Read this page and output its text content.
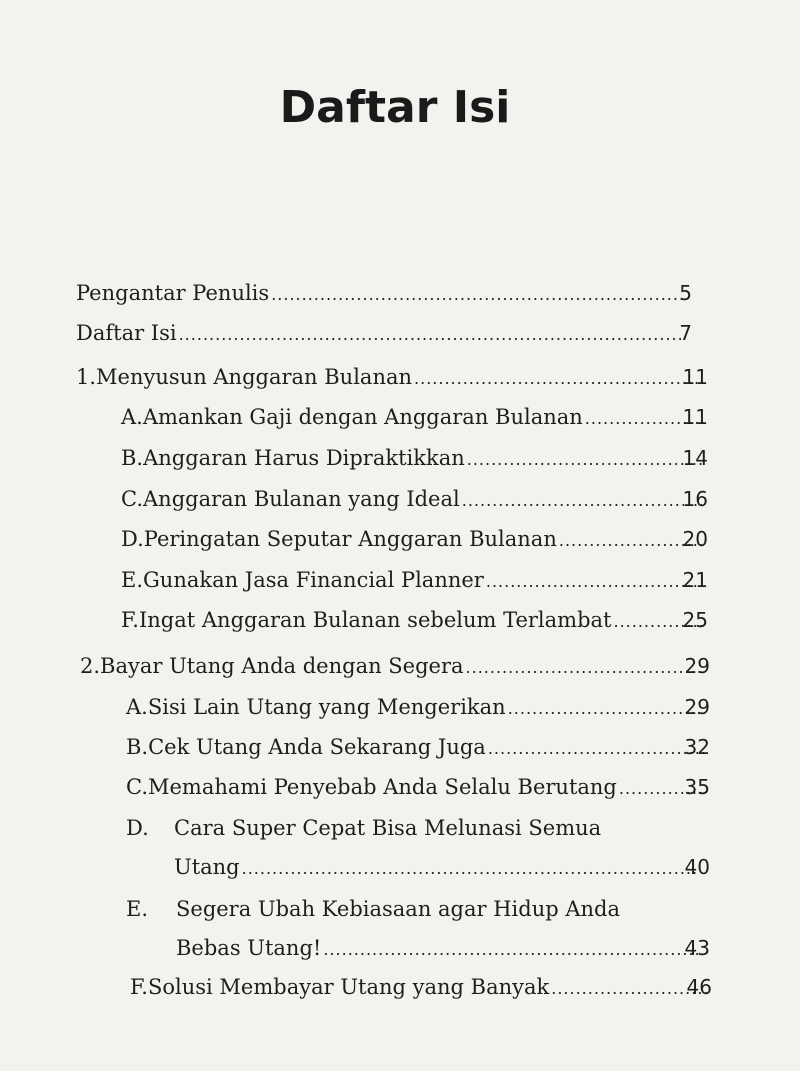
Daftar Isi
Pengantar Penulis .....	5
Daftar Isi .....	7
1. Menyusun Anggaran Bulanan .....	11
A. Amankan Gaji dengan Anggaran Bulanan .....	11
B. Anggaran Harus Dipraktikkan .....	14
C. Anggaran Bulanan yang Ideal .....	16
D. Peringatan Seputar Anggaran Bulanan .....	20
E. Gunakan Jasa Financial Planner .....	21
F. Ingat Anggaran Bulanan sebelum Terlambat .....	25
2. Bayar Utang Anda dengan Segera .....	29
A. Sisi Lain Utang yang Mengerikan .....	29
B. Cek Utang Anda Sekarang Juga .....	32
C. Memahami Penyebab Anda Selalu Berutang .....	35
D.	Cara Super Cepat Bisa Melunasi Semua
Utang .....	40
E.	Segera Ubah Kebiasaan agar Hidup Anda
Bebas Utang! .....	43
F. Solusi Membayar Utang yang Banyak .....	46
